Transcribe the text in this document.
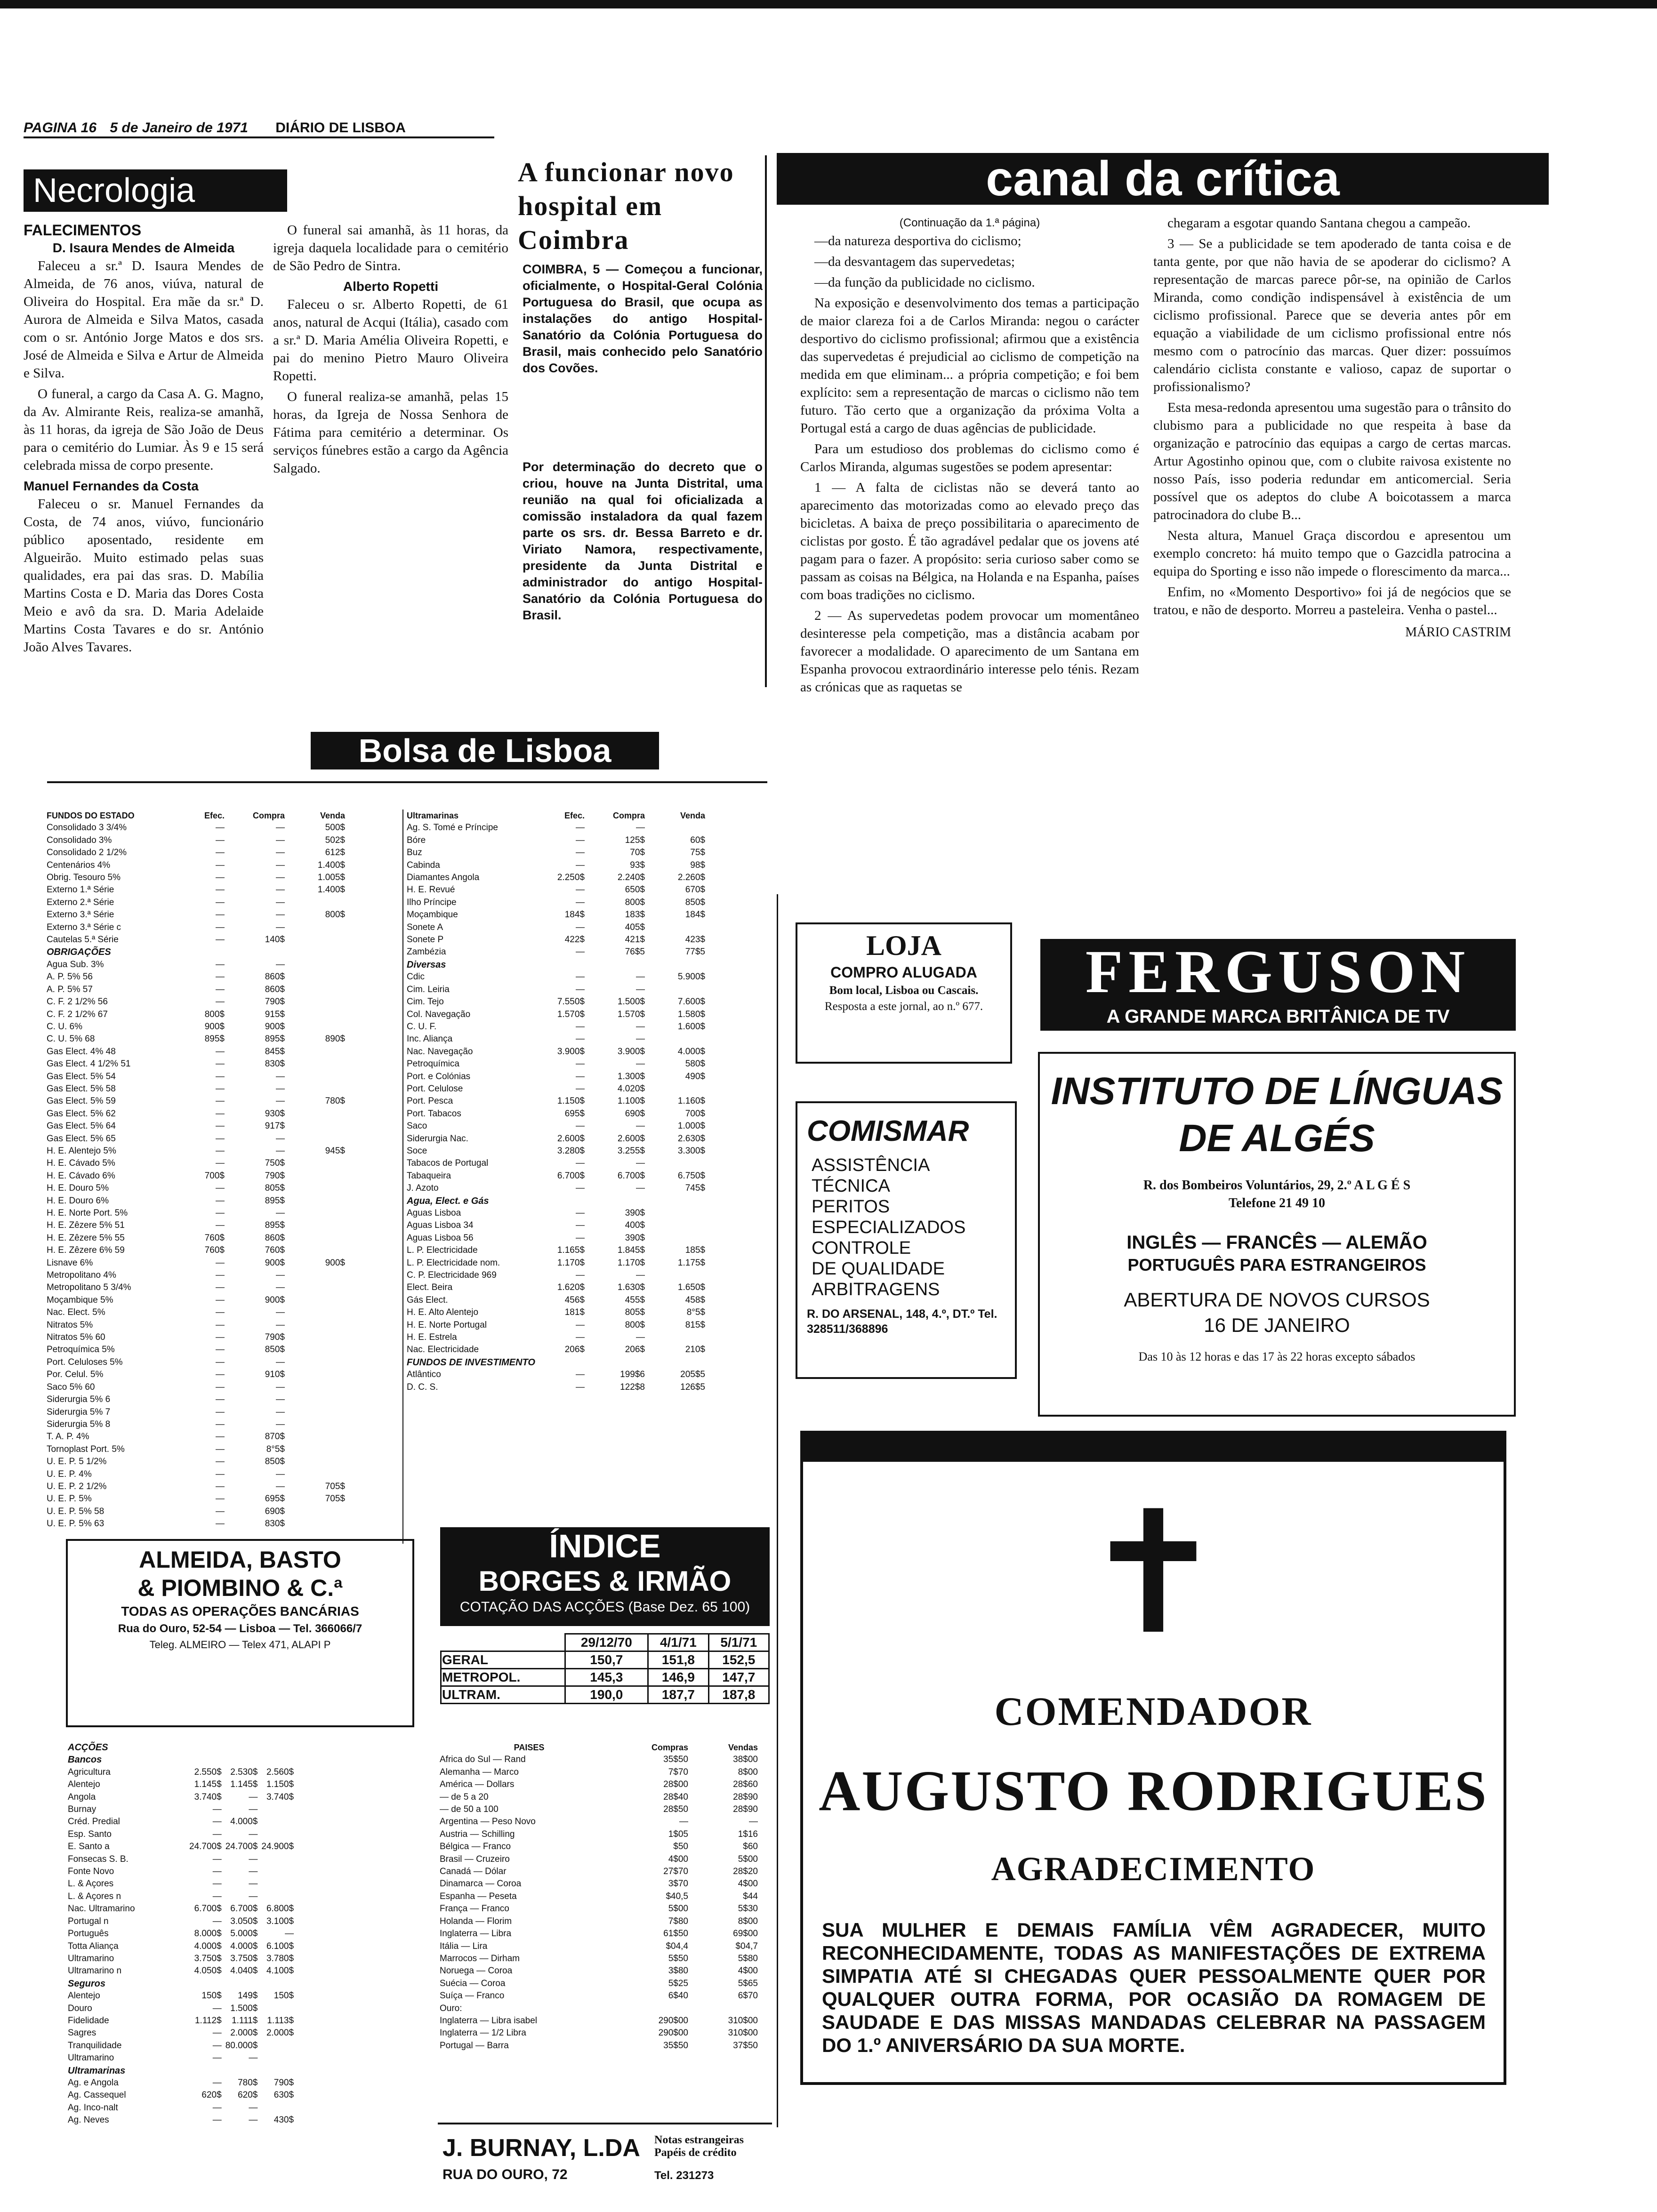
PAGINA 16 5 de Janeiro de 1971 DIÁRIO DE LISBOA
Necrologia
FALECIMENTOS
D. Isaura Mendes de Almeida

Faleceu a sr.ª D. Isaura Mendes de Almeida, de 76 anos, viúva, natural de Oliveira do Hospital. Era mãe da sr.ª D. Aurora de Almeida e Silva Matos, casada com o sr. António Jorge Matos e dos srs. José de Almeida e Silva e Artur de Almeida e Silva.

O funeral, a cargo da Casa A. G. Magno, da Av. Almirante Reis, realiza-se amanhã, às 11 horas, da igreja de São João de Deus para o cemitério do Lumiar. Às 9 e 15 será celebrada missa de corpo presente.

Manuel Fernandes da Costa

Faleceu o sr. Manuel Fernandes da Costa, de 74 anos, viúvo, funcionário público aposentado, residente em Algueirão. Muito estimado pelas suas qualidades, era pai das sras. D. Mabília Martins Costa e D. Maria das Dores Costa Meio e avô da sra. D. Maria Adelaide Martins Costa Tavares e do sr. António João Alves Tavares.

O funeral sai amanhã, às 11 horas, da igreja daquela localidade para o cemitério de São Pedro de Sintra.

Alberto Ropetti

Faleceu o sr. Alberto Ropetti, de 61 anos, natural de Acqui (Itália), casado com a sr.ª D. Maria Amélia Oliveira Ropetti, e pai do menino Pietro Mauro Oliveira Ropetti.

O funeral realiza-se amanhã, pelas 15 horas, da Igreja de Nossa Senhora de Fátima para cemitério a determinar. Os serviços fúnebres estão a cargo da Agência Salgado.

A funcionar novo hospital em Coimbra
COIMBRA, 5 — Começou a funcionar, oficialmente, o Hospital-Geral Colónia Portuguesa do Brasil, que ocupa as instalações do antigo Hospital-Sanatório da Colónia Portuguesa do Brasil, mais conhecido pelo Sanatório dos Covões.
Por determinação do decreto que o criou, houve na Junta Distrital, uma reunião na qual foi oficializada a comissão instaladora da qual fazem parte os srs. dr. Bessa Barreto e dr. Viriato Namora, respectivamente, presidente da Junta Distrital e administrador do antigo Hospital-Sanatório da Colónia Portuguesa do Brasil.
canal da crítica
(Continuação da 1.ª página)

—da natureza desportiva do ciclismo;

—da desvantagem das supervedetas;

—da função da publicidade no ciclismo.

Na exposição e desenvolvimento dos temas a participação de maior clareza foi a de Carlos Miranda: negou o carácter desportivo do ciclismo profissional; afirmou que a existência das supervedetas é prejudicial ao ciclismo de competição na medida em que eliminam... a própria competição; e foi bem explícito: sem a representação de marcas o ciclismo não tem futuro. Tão certo que a organização da próxima Volta a Portugal está a cargo de duas agências de publicidade.

Para um estudioso dos problemas do ciclismo como é Carlos Miranda, algumas sugestões se podem apresentar:

1 — A falta de ciclistas não se deverá tanto ao aparecimento das motorizadas como ao elevado preço das bicicletas. A baixa de preço possibilitaria o aparecimento de ciclistas por gosto. É tão agradável pedalar que os jovens até pagam para o fazer. A propósito: seria curioso saber como se passam as coisas na Bélgica, na Holanda e na Espanha, países com boas tradições no ciclismo.

2 — As supervedetas podem provocar um momentâneo desinteresse pela competição, mas a distância acabam por favorecer a modalidade. O aparecimento de um Santana em Espanha provocou extraordinário interesse pelo ténis. Rezam as crónicas que as raquetas se

chegaram a esgotar quando Santana chegou a campeão.

3 — Se a publicidade se tem apoderado de tanta coisa e de tanta gente, por que não havia de se apoderar do ciclismo? A representação de marcas parece pôr-se, na opinião de Carlos Miranda, como condição indispensável à existência de um ciclismo profissional. Parece que se deveria antes pôr em equação a viabilidade de um ciclismo profissional entre nós mesmo com o patrocínio das marcas. Quer dizer: possuímos calendário ciclista constante e valioso, capaz de suportar o profissionalismo?

Esta mesa-redonda apresentou uma sugestão para o trânsito do clubismo para a publicidade no que respeita à base da organização e patrocínio das equipas a cargo de certas marcas. Artur Agostinho opinou que, com o clubite raivosa existente no nosso País, isso poderia redundar em anticomercial. Seria possível que os adeptos do clube A boicotassem a marca patrocinadora do clube B...

Nesta altura, Manuel Graça discordou e apresentou um exemplo concreto: há muito tempo que o Gazcidla patrocina a equipa do Sporting e isso não impede o florescimento da marca...

Enfim, no «Momento Desportivo» foi já de negócios que se tratou, e não de desporto. Morreu a pasteleira. Venha o pastel...

MÁRIO CASTRIM
Bolsa de Lisboa
FUNDOS DO ESTADO	Efec.	Compra	Venda
Consolidado 3 3/4%	—	—	500$
Consolidado 3%	—	—	502$
Consolidado 2 1/2%	—	—	612$
Centenários 4%	—	—	1.400$
Obrig. Tesouro 5%	—	—	1.005$
Externo 1.ª Série	—	—	1.400$
Externo 2.ª Série	—	—	
Externo 3.ª Série	—	—	800$
Externo 3.ª Série c	—	—	
Cautelas 5.ª Série	—	140$	
OBRIGAÇÕES			
Agua Sub. 3%	—	—	
A. P. 5% 56	—	860$	
A. P. 5% 57	—	860$	
C. F. 2 1/2% 56	—	790$	
C. F. 2 1/2% 67	800$	915$	
C. U. 6%	900$	900$	
C. U. 5% 68	895$	895$	890$
Gas Elect. 4% 48	—	845$	
Gas Elect. 4 1/2% 51	—	830$	
Gas Elect. 5% 54	—	—	
Gas Elect. 5% 58	—	—	
Gas Elect. 5% 59	—	—	780$
Gas Elect. 5% 62	—	930$	
Gas Elect. 5% 64	—	917$	
Gas Elect. 5% 65	—	—	
H. E. Alentejo 5%	—	—	945$
H. E. Cávado 5%	—	750$	
H. E. Cávado 6%	700$	790$	
H. E. Douro 5%	—	805$	
H. E. Douro 6%	—	895$	
H. E. Norte Port. 5%	—	—	
H. E. Zêzere 5% 51	—	895$	
H. E. Zêzere 5% 55	760$	860$	
H. E. Zêzere 6% 59	760$	760$	
Lisnave 6%	—	900$	900$
Metropolitano 4%	—	—	
Metropolitano 5 3/4%	—	—	
Moçambique 5%	—	900$	
Nac. Elect. 5%	—	—	
Nitratos 5%	—	—	
Nitratos 5% 60	—	790$	
Petroquímica 5%	—	850$	
Port. Celuloses 5%	—	—	
Por. Celul. 5%	—	910$	
Saco 5% 60	—	—	
Siderurgia 5% 6	—	—	
Siderurgia 5% 7	—	—	
Siderurgia 5% 8	—	—	
T. A. P. 4%	—	870$	
Tornoplast Port. 5%	—	8°5$	
U. E. P. 5 1/2%	—	850$	
U. E. P. 4%	—	—	
U. E. P. 2 1/2%	—	—	705$
U. E. P. 5%	—	695$	705$
U. E. P. 5% 58	—	690$	
U. E. P. 5% 63	—	830$	
Ultramarinas	Efec.	Compra	Venda
Ag. S. Tomé e Príncipe	—	—	
Bóre	—	125$	60$
Buz	—	70$	75$
Cabinda	—	93$	98$
Diamantes Angola	2.250$	2.240$	2.260$
H. E. Revué	—	650$	670$
Ilho Príncipe	—	800$	850$
Moçambique	184$	183$	184$
Sonete A	—	405$	
Sonete P	422$	421$	423$
Zambézia	—	76$5	77$5
Diversas			
Cdic	—	—	5.900$
Cim. Leiria	—	—	
Cim. Tejo	7.550$	1.500$	7.600$
Col. Navegação	1.570$	1.570$	1.580$
C. U. F.	—	—	1.600$
Inc. Aliança	—	—	
Nac. Navegação	3.900$	3.900$	4.000$
Petroquímica	—	—	580$
Port. e Colónias	—	1.300$	490$
Port. Celulose	—	4.020$	
Port. Pesca	1.150$	1.100$	1.160$
Port. Tabacos	695$	690$	700$
Saco	—	—	1.000$
Siderurgia Nac.	2.600$	2.600$	2.630$
Soce	3.280$	3.255$	3.300$
Tabacos de Portugal	—	—	
Tabaqueira	6.700$	6.700$	6.750$
J. Azoto	—	—	745$
Agua, Elect. e Gás			
Aguas Lisboa	—	390$	
Aguas Lisboa 34	—	400$	
Aguas Lisboa 56	—	390$	
L. P. Electricidade	1.165$	1.845$	185$
L. P. Electricidade nom.	1.170$	1.170$	1.175$
C. P. Electricidade 969	—	—	
Elect. Beira	1.620$	1.630$	1.650$
Gás Elect.	456$	455$	458$
H. E. Alto Alentejo	181$	805$	8°5$
H. E. Norte Portugal	—	800$	815$
H. E. Estrela	—	—	
Nac. Electricidade	206$	206$	210$
FUNDOS DE INVESTIMENTO			
Atlântico	—	199$6	205$5
D. C. S.	—	122$8	126$5
ÍNDICE
BORGES & IRMÃO
COTAÇÃO DAS ACÇÕES (Base Dez. 65 100)
	29/12/70	4/1/71	5/1/71
GERAL	150,7	151,8	152,5
METROPOL.	145,3	146,9	147,7
ULTRAM.	190,0	187,7	187,8
ALMEIDA, BASTO
& PIOMBINO & C.ª
TODAS AS OPERAÇÕES BANCÁRIAS
Rua do Ouro, 52-54 — Lisboa — Tel. 366066/7
Teleg. ALMEIRO — Telex 471, ALAPI P
ACÇÕES			
Bancos			
Agricultura	2.550$	2.530$	2.560$
Alentejo	1.145$	1.145$	1.150$
Angola	3.740$	—	3.740$
Burnay	—	—	
Créd. Predial	—	4.000$	
Esp. Santo	—	—	
E. Santo a	24.700$	24.700$	24.900$
Fonsecas S. B.	—	—	
Fonte Novo	—	—	
L. & Açores	—	—	
L. & Açores n	—	—	
Nac. Ultramarino	6.700$	6.700$	6.800$
Portugal n	—	3.050$	3.100$
Português	8.000$	5.000$	—
Totta Aliança	4.000$	4.000$	6.100$
Ultramarino	3.750$	3.750$	3.780$
Ultramarino n	4.050$	4.040$	4.100$
Seguros			
Alentejo	150$	149$	150$
Douro	—	1.500$	
Fidelidade	1.112$	1.111$	1.113$
Sagres	—	2.000$	2.000$
Tranquilidade	—	80.000$	
Ultramarino	—	—	
Ultramarinas			
Ag. e Angola	—	780$	790$
Ag. Cassequel	620$	620$	630$
Ag. Inco-nalt	—	—	
Ag. Neves	—	—	430$
PAISES	Compras	Vendas
Africa do Sul — Rand	35$50	38$00
Alemanha — Marco	7$70	8$00
América — Dollars	28$00	28$60
— de 5 a 20	28$40	28$90
— de 50 a 100	28$50	28$90
Argentina — Peso Novo	—	—
Austria — Schilling	1$05	1$16
Bélgica — Franco	$50	$60
Brasil — Cruzeiro	4$00	5$00
Canadá — Dólar	27$70	28$20
Dinamarca — Coroa	3$70	4$00
Espanha — Peseta	$40,5	$44
França — Franco	5$00	5$30
Holanda — Florim	7$80	8$00
Inglaterra — Libra	61$50	69$00
Itália — Lira	$04,4	$04,7
Marrocos — Dirham	5$50	5$80
Noruega — Coroa	3$80	4$00
Suécia — Coroa	5$25	5$65
Suíça — Franco	6$40	6$70
Ouro:		
Inglaterra — Libra isabel	290$00	310$00
Inglaterra — 1/2 Libra	290$00	310$00
Portugal — Barra	35$50	37$50
J. BURNAY, L.DA
RUA DO OURO, 72
Notas estrangeiras Papéis de crédito
Tel. 231273
LOJA
COMPRO ALUGADA
Bom local, Lisboa ou Cascais.
Resposta a este jornal, ao n.º 677.
FERGUSON
A GRANDE MARCA BRITÂNICA DE TV
COMISMAR
ASSISTÊNCIA
TÉCNICA
PERITOS
ESPECIALIZADOS
CONTROLE
DE QUALIDADE
ARBITRAGENS
R. DO ARSENAL, 148, 4.º, DT.º Tel. 328511/368896
INSTITUTO DE LÍNGUAS
DE ALGÉS
R. dos Bombeiros Voluntários, 29, 2.º A L G É S
Telefone 21 49 10
INGLÊS — FRANCÊS — ALEMÃO
PORTUGUÊS PARA ESTRANGEIROS
ABERTURA DE NOVOS CURSOS
16 DE JANEIRO
Das 10 às 12 horas e das 17 às 22 horas excepto sábados
✝
COMENDADOR
AUGUSTO RODRIGUES
AGRADECIMENTO
SUA MULHER E DEMAIS FAMÍLIA VÊM AGRADECER, MUITO RECONHECIDAMENTE, TODAS AS MANIFESTAÇÕES DE EXTREMA SIMPATIA ATÉ SI CHEGADAS QUER PESSOALMENTE QUER POR QUALQUER OUTRA FORMA, POR OCASIÃO DA ROMAGEM DE SAUDADE E DAS MISSAS MANDADAS CELEBRAR NA PASSAGEM DO 1.º ANIVERSÁRIO DA SUA MORTE.
